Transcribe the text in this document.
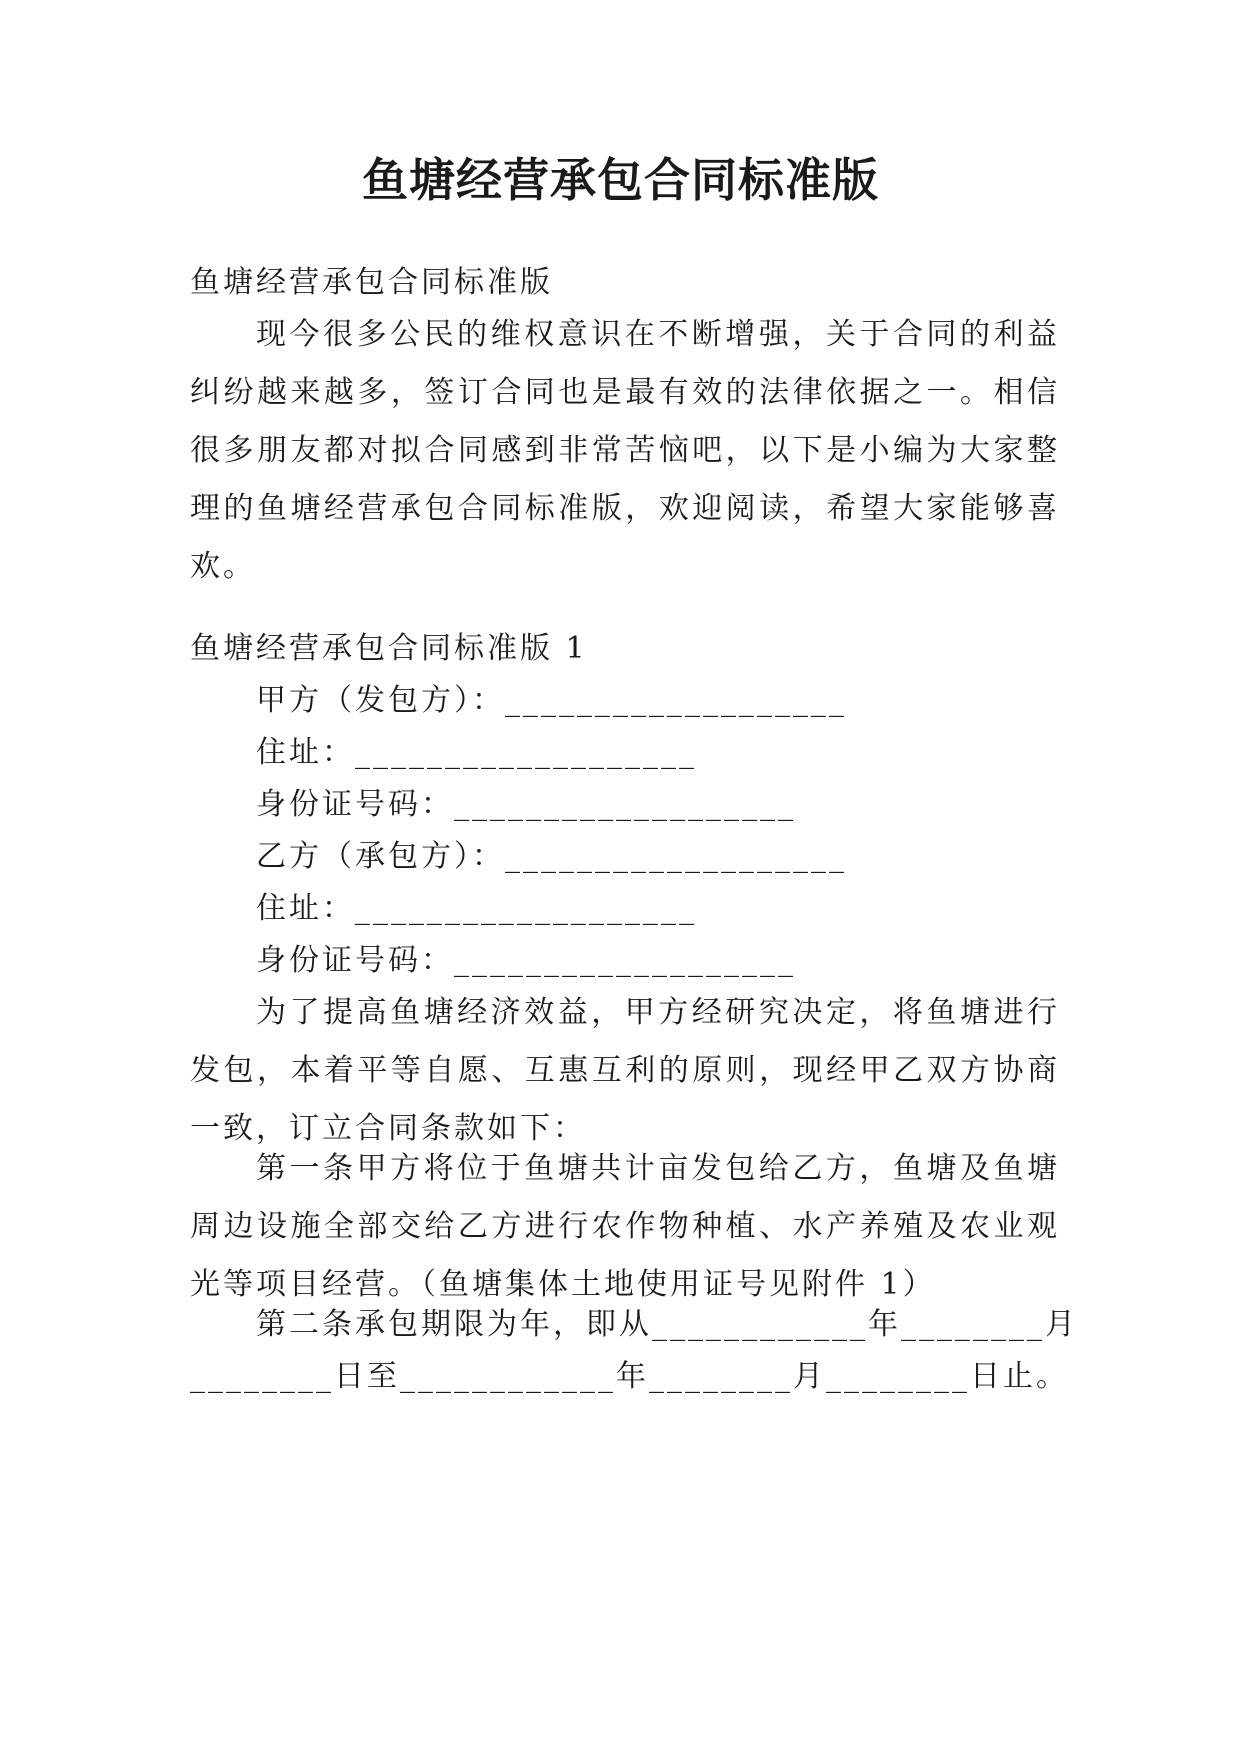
鱼塘经营承包合同标准版

鱼塘经营承包合同标准版

现今很多公民的维权意识在不断增强，关于合同的利益纠纷越来越多，签订合同也是最有效的法律依据之一。相信很多朋友都对拟合同感到非常苦恼吧，以下是小编为大家整理的鱼塘经营承包合同标准版，欢迎阅读，希望大家能够喜欢。

鱼塘经营承包合同标准版 1

甲方（发包方）：___________________

住址：___________________

身份证号码：___________________

乙方（承包方）：___________________

住址：___________________

身份证号码：___________________

为了提高鱼塘经济效益，甲方经研究决定，将鱼塘进行发包，本着平等自愿、互惠互利的原则，现经甲乙双方协商一致，订立合同条款如下：

第一条甲方将位于鱼塘共计亩发包给乙方，鱼塘及鱼塘周边设施全部交给乙方进行农作物种植、水产养殖及农业观光等项目经营。（鱼塘集体土地使用证号见附件 1）

第二条承包期限为年，即从____________年________月

________日至____________年________月________日止。
